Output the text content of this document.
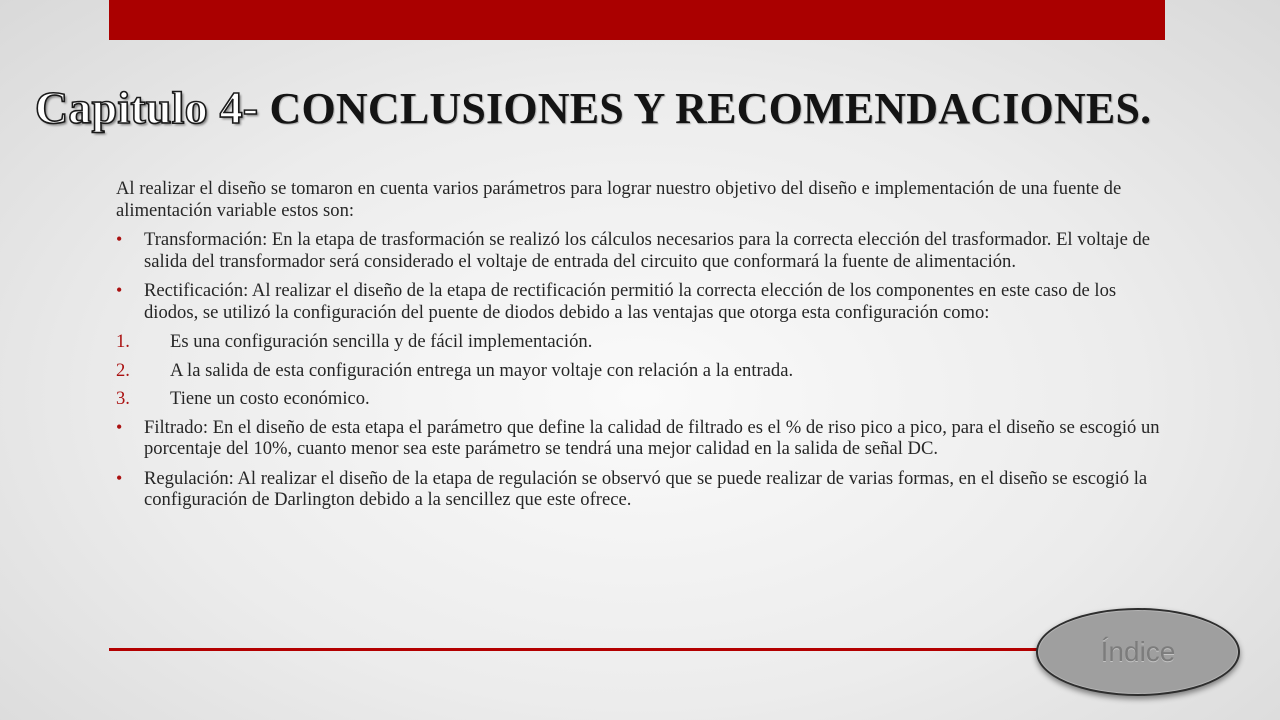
Capitulo 4- CONCLUSIONES Y RECOMENDACIONES.

Al realizar el diseño se tomaron en cuenta varios parámetros para lograr nuestro objetivo del diseño e implementación de una fuente de alimentación variable estos son:

• Transformación: En la etapa de trasformación se realizó los cálculos necesarios para la correcta elección del trasformador. El voltaje de salida del transformador será considerado el voltaje de entrada del circuito que conformará la fuente de alimentación.
• Rectificación: Al realizar el diseño de la etapa de rectificación permitió la correcta elección de los componentes en este caso de los diodos, se utilizó la configuración del puente de diodos debido a las ventajas que otorga esta configuración como:
1. Es una configuración sencilla y de fácil implementación.
2. A la salida de esta configuración entrega un mayor voltaje con relación a la entrada.
3. Tiene un costo económico.
• Filtrado: En el diseño de esta etapa el parámetro que define la calidad de filtrado es el % de riso pico a pico, para el diseño se escogió un porcentaje del 10%, cuanto menor sea este parámetro se tendrá una mejor calidad en la salida de señal DC.
• Regulación: Al realizar el diseño de la etapa de regulación se observó que se puede realizar de varias formas, en el diseño se escogió la configuración de Darlington debido a la sencillez que este ofrece.
Índice
